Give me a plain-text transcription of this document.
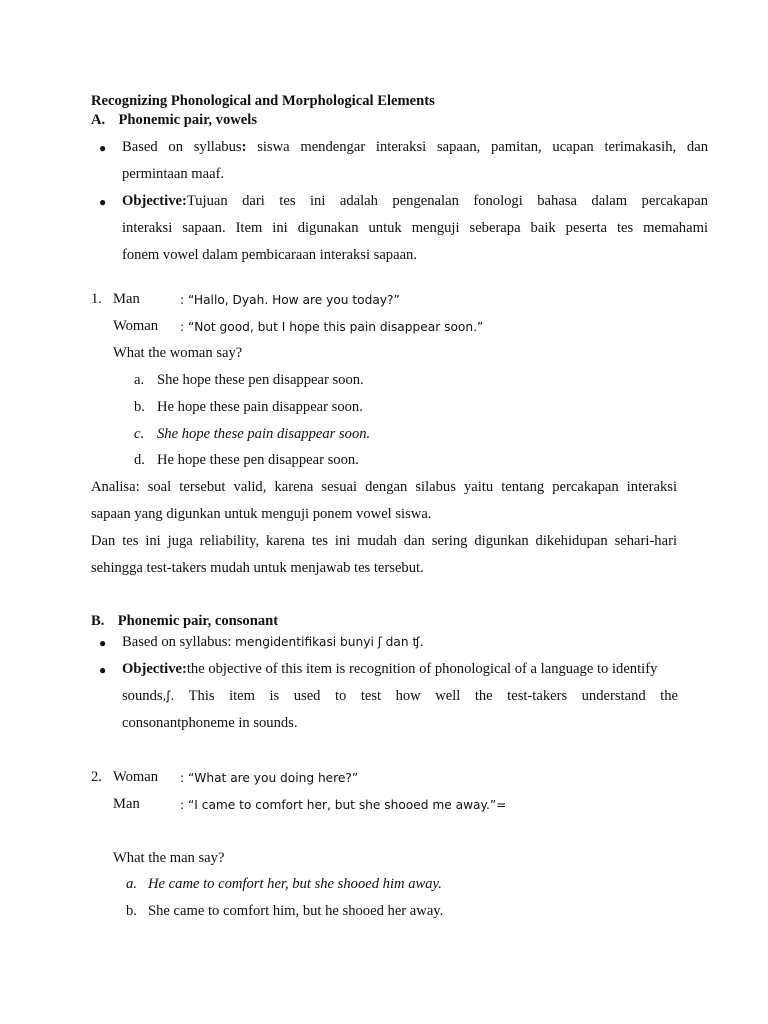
Recognizing Phonological and Morphological Elements
A. Phonemic pair, vowels
● Based on syllabus: siswa mendengar interaksi sapaan, pamitan, ucapan terimakasih, dan
permintaan maaf.
● Objective:Tujuan dari tes ini adalah pengenalan fonologi bahasa dalam percakapan
interaksi sapaan. Item ini digunakan untuk menguji seberapa baik peserta tes memahami
fonem vowel dalam pembicaraan interaksi sapaan.
1. Man	: “Hallo, Dyah. How are you today?”
Woman : “Not good, but I hope this pain disappear soon.”
What the woman say?
a. She hope these pen disappear soon.
b. He hope these pain disappear soon.
c. She hope these pain disappear soon.
d. He hope these pen disappear soon.
Analisa: soal tersebut valid, karena sesuai dengan silabus yaitu tentang percakapan interaksi
sapaan yang digunkan untuk menguji ponem vowel siswa.
Dan tes ini juga reliability, karena tes ini mudah dan sering digunkan dikehidupan sehari-hari
sehingga test-takers mudah untuk menjawab tes tersebut.
B. Phonemic pair, consonant
● Based on syllabus: mengidentifikasi bunyi ʃ dan ʧ.
● Objective:the objective of this item is recognition of phonological of a language to identify
sounds,ʃ. This item is used to test how well the test-takers understand the
consonantphoneme in sounds.
2. Woman : “What are you doing here?”
Man	: “I came to comfort her, but she shooed me away.”=
What the man say?
a. He came to comfort her, but she shooed him away.
b. She came to comfort him, but he shooed her away.
